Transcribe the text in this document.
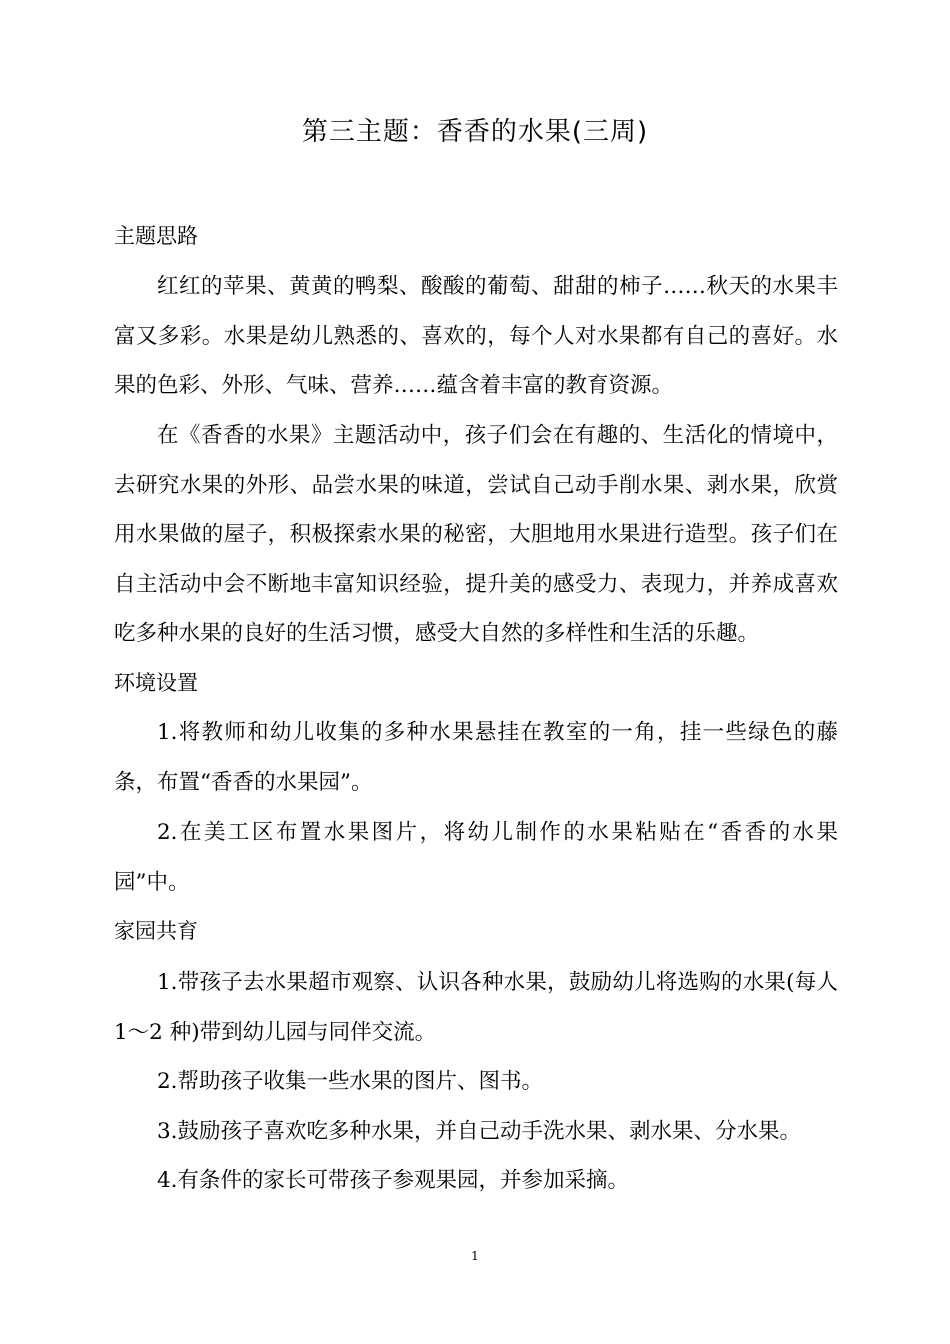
第三主题：香香的水果(三周)
主题思路

红红的苹果、黄黄的鸭梨、酸酸的葡萄、甜甜的柿子……秋天的水果丰富又多彩。水果是幼儿熟悉的、喜欢的，每个人对水果都有自己的喜好。水果的色彩、外形、气味、营养……蕴含着丰富的教育资源。

在《香香的水果》主题活动中，孩子们会在有趣的、生活化的情境中，去研究水果的外形、品尝水果的味道，尝试自己动手削水果、剥水果，欣赏用水果做的屋子，积极探索水果的秘密，大胆地用水果进行造型。孩子们在自主活动中会不断地丰富知识经验，提升美的感受力、表现力，并养成喜欢吃多种水果的良好的生活习惯，感受大自然的多样性和生活的乐趣。

环境设置

1.将教师和幼儿收集的多种水果悬挂在教室的一角，挂一些绿色的藤条，布置“香香的水果园”。

2.在美工区布置水果图片，将幼儿制作的水果粘贴在“香香的水果园”中。

家园共育

1.带孩子去水果超市观察、认识各种水果，鼓励幼儿将选购的水果(每人 1～2 种)带到幼儿园与同伴交流。

2.帮助孩子收集一些水果的图片、图书。

3.鼓励孩子喜欢吃多种水果，并自己动手洗水果、剥水果、分水果。

4.有条件的家长可带孩子参观果园，并参加采摘。

1
